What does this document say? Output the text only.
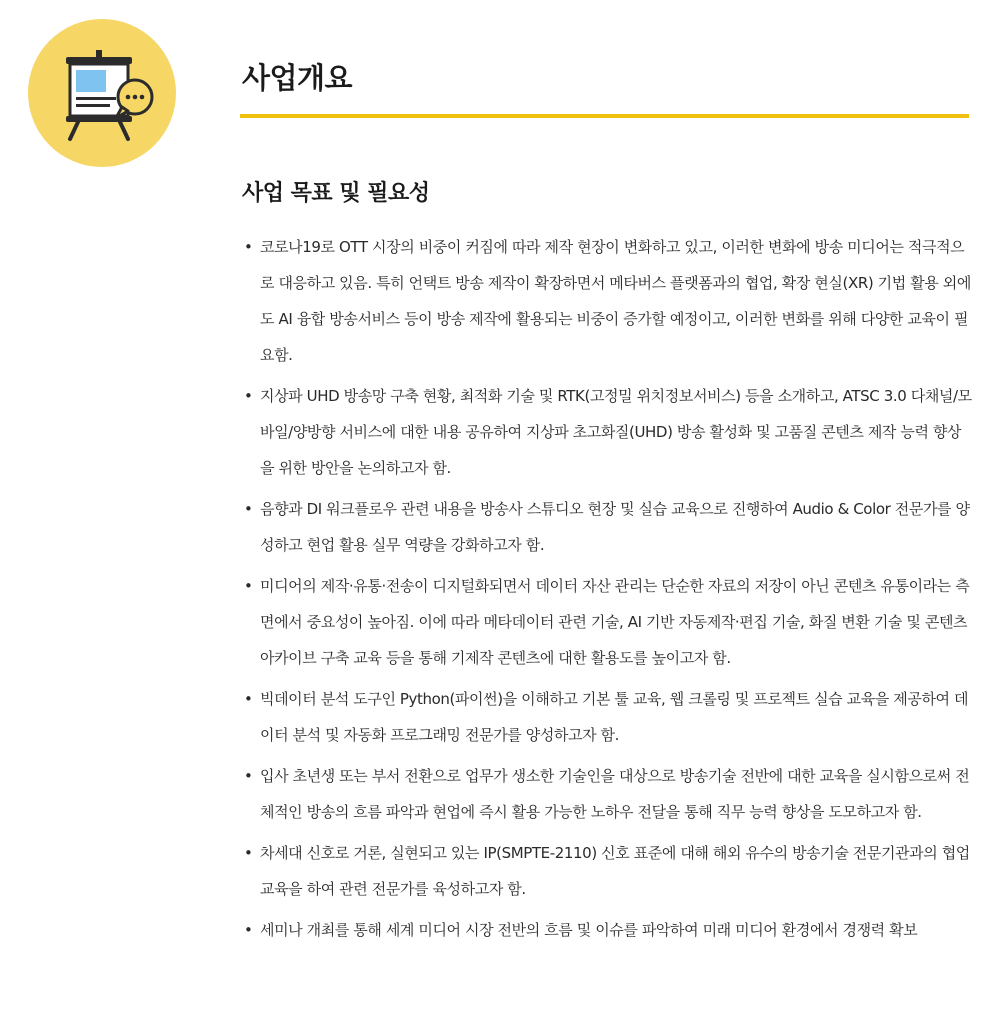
사업개요
사업 목표 및 필요성
• 코로나19로 OTT 시장의 비중이 커짐에 따라 제작 현장이 변화하고 있고, 이러한 변화에 방송 미디어는 적극적으로 대응하고 있음. 특히 언택트 방송 제작이 확장하면서 메타버스 플랫폼과의 협업, 확장 현실(XR) 기법 활용 외에도 AI 융합 방송서비스 등이 방송 제작에 활용되는 비중이 증가할 예정이고, 이러한 변화를 위해 다양한 교육이 필요함.
• 지상파 UHD 방송망 구축 현황, 최적화 기술 및 RTK(고정밀 위치정보서비스) 등을 소개하고, ATSC 3.0 다채널/모바일/양방향 서비스에 대한 내용 공유하여 지상파 초고화질(UHD) 방송 활성화 및 고품질 콘텐츠 제작 능력 향상을 위한 방안을 논의하고자 함.
• 음향과 DI 워크플로우 관련 내용을 방송사 스튜디오 현장 및 실습 교육으로 진행하여 Audio & Color 전문가를 양성하고 현업 활용 실무 역량을 강화하고자 함.
• 미디어의 제작·유통·전송이 디지털화되면서 데이터 자산 관리는 단순한 자료의 저장이 아닌 콘텐츠 유통이라는 측면에서 중요성이 높아짐. 이에 따라 메타데이터 관련 기술, AI 기반 자동제작·편집 기술, 화질 변환 기술 및 콘텐츠 아카이브 구축 교육 등을 통해 기제작 콘텐츠에 대한 활용도를 높이고자 함.
• 빅데이터 분석 도구인 Python(파이썬)을 이해하고 기본 툴 교육, 웹 크롤링 및 프로젝트 실습 교육을 제공하여 데이터 분석 및 자동화 프로그래밍 전문가를 양성하고자 함.
• 입사 초년생 또는 부서 전환으로 업무가 생소한 기술인을 대상으로 방송기술 전반에 대한 교육을 실시함으로써 전체적인 방송의 흐름 파악과 현업에 즉시 활용 가능한 노하우 전달을 통해 직무 능력 향상을 도모하고자 함.
• 차세대 신호로 거론, 실현되고 있는 IP(SMPTE-2110) 신호 표준에 대해 해외 유수의 방송기술 전문기관과의 협업 교육을 하여 관련 전문가를 육성하고자 함.
• 세미나 개최를 통해 세계 미디어 시장 전반의 흐름 및 이슈를 파악하여 미래 미디어 환경에서 경쟁력 확보
